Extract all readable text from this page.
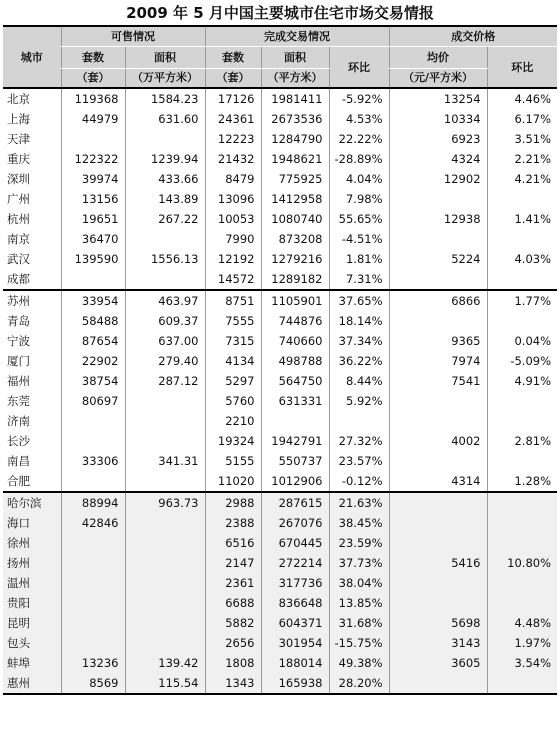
2009 年 5 月中国主要城市住宅市场交易情报
城市	可售情况		完成交易情况			成交价格	
	套数	面积	套数	面积	环比	均价	环比
	（套）	（万平方米）	（套）	（平方米）		（元/平方米）	
北京	119368	1584.23	17126	1981411	-5.92%	13254	4.46%
上海	44979	631.60	24361	2673536	4.53%	10334	6.17%
天津			12223	1284790	22.22%	6923	3.51%
重庆	122322	1239.94	21432	1948621	-28.89%	4324	2.21%
深圳	39974	433.66	8479	775925	4.04%	12902	4.21%
广州	13156	143.89	13096	1412958	7.98%		
杭州	19651	267.22	10053	1080740	55.65%	12938	1.41%
南京	36470		7990	873208	-4.51%		
武汉	139590	1556.13	12192	1279216	1.81%	5224	4.03%
成都			14572	1289182	7.31%		
苏州	33954	463.97	8751	1105901	37.65%	6866	1.77%
青岛	58488	609.37	7555	744876	18.14%		
宁波	87654	637.00	7315	740660	37.34%	9365	0.04%
厦门	22902	279.40	4134	498788	36.22%	7974	-5.09%
福州	38754	287.12	5297	564750	8.44%	7541	4.91%
东莞	80697		5760	631331	5.92%		
济南			2210				
长沙			19324	1942791	27.32%	4002	2.81%
南昌	33306	341.31	5155	550737	23.57%		
合肥			11020	1012906	-0.12%	4314	1.28%
哈尔滨	88994	963.73	2988	287615	21.63%		
海口	42846		2388	267076	38.45%		
徐州			6516	670445	23.59%		
扬州			2147	272214	37.73%	5416	10.80%
温州			2361	317736	38.04%		
贵阳			6688	836648	13.85%		
昆明			5882	604371	31.68%	5698	4.48%
包头			2656	301954	-15.75%	3143	1.97%
蚌埠	13236	139.42	1808	188014	49.38%	3605	3.54%
惠州	8569	115.54	1343	165938	28.20%		
